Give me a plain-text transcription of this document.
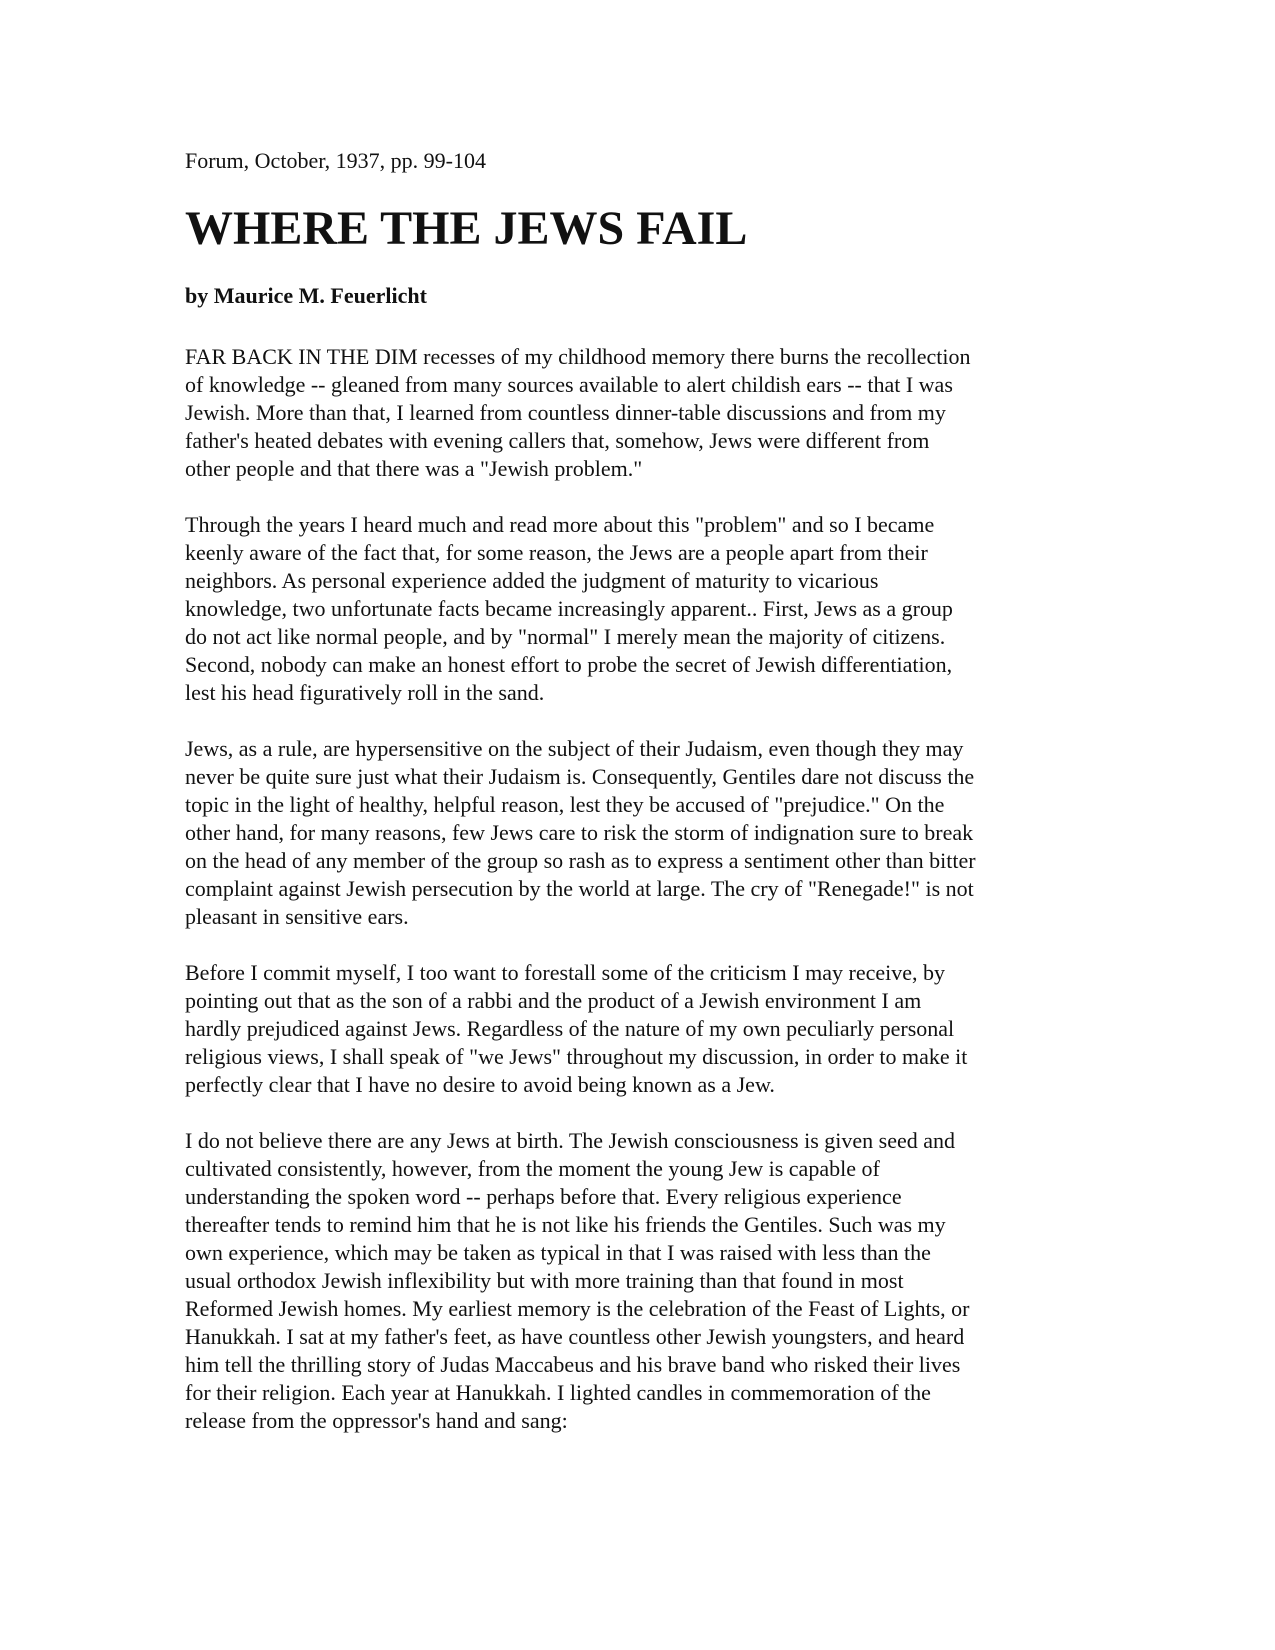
Forum, October, 1937, pp. 99-104

WHERE THE JEWS FAIL

by Maurice M. Feuerlicht

FAR BACK IN THE DIM recesses of my childhood memory there burns the recollection
of knowledge -- gleaned from many sources available to alert childish ears -- that I was
Jewish. More than that, I learned from countless dinner-table discussions and from my
father's heated debates with evening callers that, somehow, Jews were different from
other people and that there was a "Jewish problem."
Through the years I heard much and read more about this "problem" and so I became
keenly aware of the fact that, for some reason, the Jews are a people apart from their
neighbors. As personal experience added the judgment of maturity to vicarious
knowledge, two unfortunate facts became increasingly apparent.. First, Jews as a group
do not act like normal people, and by "normal" I merely mean the majority of citizens.
Second, nobody can make an honest effort to probe the secret of Jewish differentiation,
lest his head figuratively roll in the sand.
Jews, as a rule, are hypersensitive on the subject of their Judaism, even though they may
never be quite sure just what their Judaism is. Consequently, Gentiles dare not discuss the
topic in the light of healthy, helpful reason, lest they be accused of "prejudice." On the
other hand, for many reasons, few Jews care to risk the storm of indignation sure to break
on the head of any member of the group so rash as to express a sentiment other than bitter
complaint against Jewish persecution by the world at large. The cry of "Renegade!" is not
pleasant in sensitive ears.
Before I commit myself, I too want to forestall some of the criticism I may receive, by
pointing out that as the son of a rabbi and the product of a Jewish environment I am
hardly prejudiced against Jews. Regardless of the nature of my own peculiarly personal
religious views, I shall speak of "we Jews" throughout my discussion, in order to make it
perfectly clear that I have no desire to avoid being known as a Jew.
I do not believe there are any Jews at birth. The Jewish consciousness is given seed and
cultivated consistently, however, from the moment the young Jew is capable of
understanding the spoken word -- perhaps before that. Every religious experience
thereafter tends to remind him that he is not like his friends the Gentiles. Such was my
own experience, which may be taken as typical in that I was raised with less than the
usual orthodox Jewish inflexibility but with more training than that found in most
Reformed Jewish homes. My earliest memory is the celebration of the Feast of Lights, or
Hanukkah. I sat at my father's feet, as have countless other Jewish youngsters, and heard
him tell the thrilling story of Judas Maccabeus and his brave band who risked their lives
for their religion. Each year at Hanukkah. I lighted candles in commemoration of the
release from the oppressor's hand and sang:
